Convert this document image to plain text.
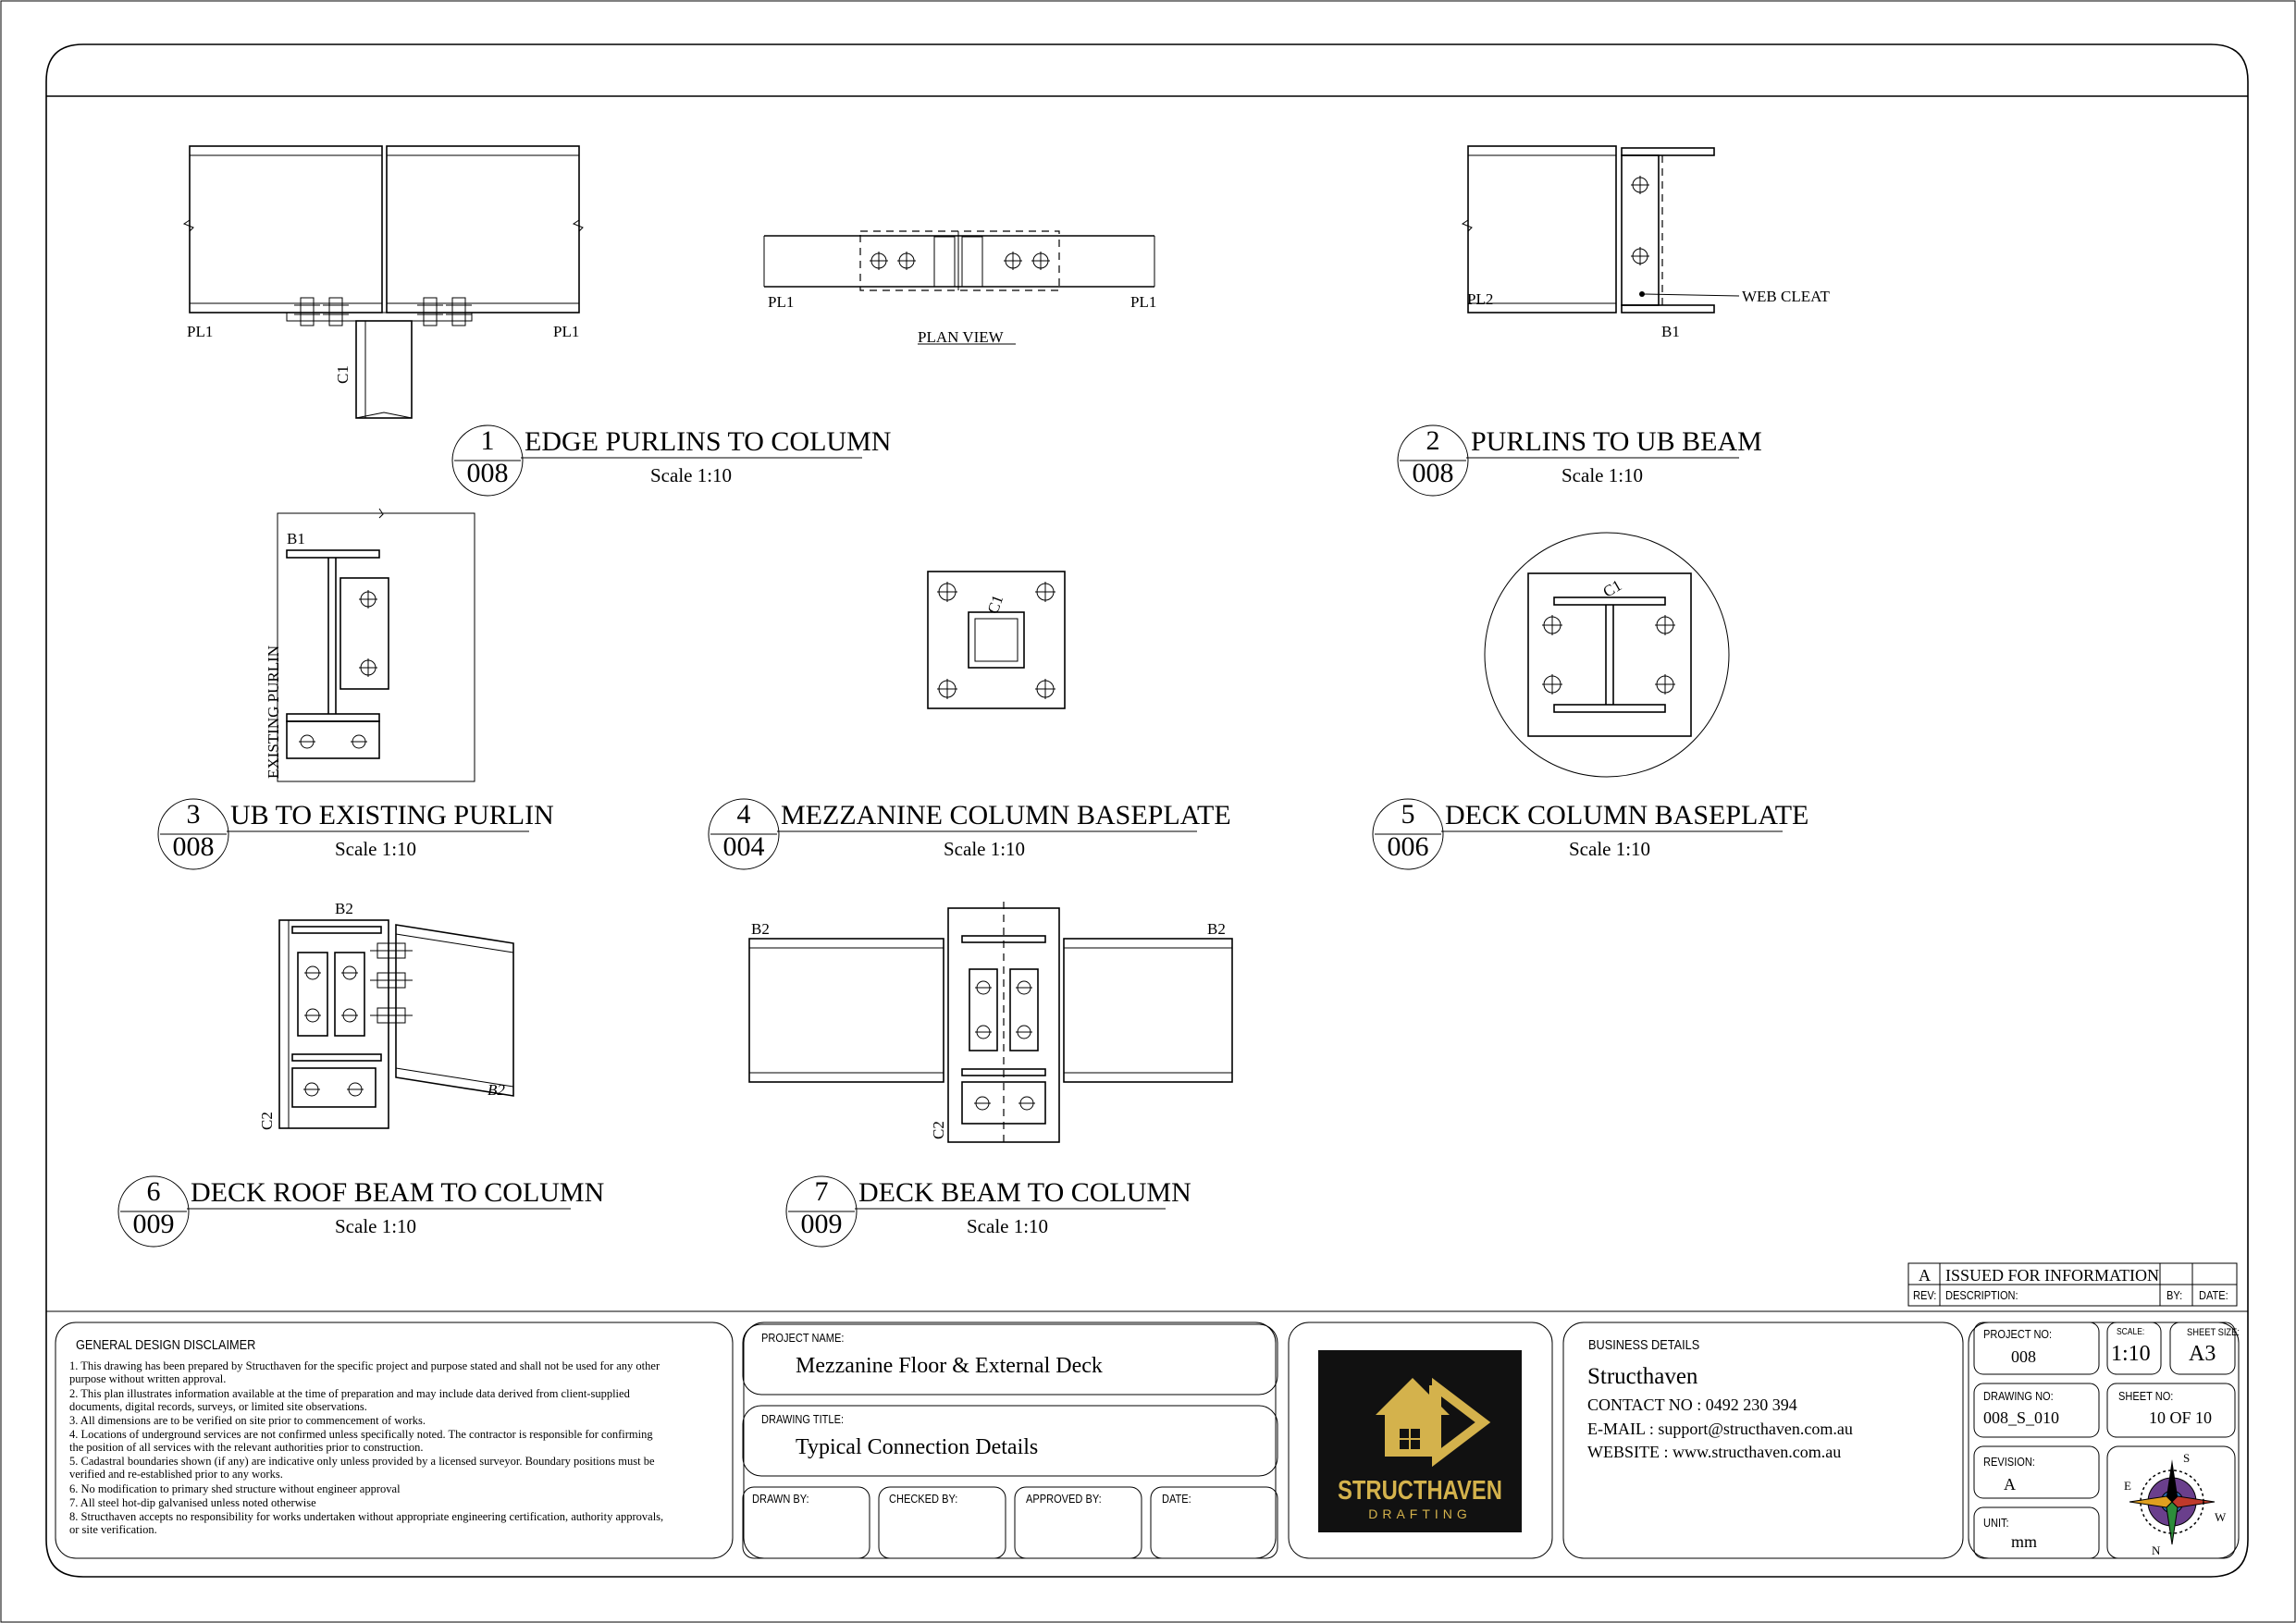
PL1	PL1
C1
PL1	PL1
PLAN VIEW
PL2	WEB CLEAT
B1
B1
EXISTING PURLIN
C1
C1
B2
B2
C2
B2	B2
C2
1
008
EDGE PURLINS TO COLUMN
Scale 1:10
2
008
PURLINS TO UB BEAM
Scale 1:10
3
008
UB TO EXISTING PURLIN
Scale 1:10
4
004
MEZZANINE COLUMN BASEPLATE
Scale 1:10
5
006
DECK COLUMN BASEPLATE
Scale 1:10
6
009
DECK ROOF BEAM TO COLUMN
Scale 1:10
7
009
DECK BEAM TO COLUMN
Scale 1:10
A ISSUED FOR INFORMATION
REV: DESCRIPTION:	BY: DATE:
GENERAL DESIGN DISCLAIMER
1. This drawing has been prepared by Structhaven for the specific project and purpose stated and shall not be used for any other
purpose without written approval.
2. This plan illustrates information available at the time of preparation and may include data derived from client-supplied
documents, digital records, surveys, or limited site observations.
3. All dimensions are to be verified on site prior to commencement of works.
4. Locations of underground services are not confirmed unless specifically noted. The contractor is responsible for confirming
the position of all services with the relevant authorities prior to construction.
5. Cadastral boundaries shown (if any) are indicative only unless provided by a licensed surveyor. Boundary positions must be
verified and re-established prior to any works.
6. No modification to primary shed structure without engineer approval
7. All steel hot-dip galvanised unless noted otherwise
8. Structhaven accepts no responsibility for works undertaken without appropriate engineering certification, authority approvals,
or site verification.
PROJECT NAME:
Mezzanine Floor & External Deck
DRAWING TITLE:
Typical Connection Details
DRAWN BY:	CHECKED BY:	APPROVED BY:	DATE:	STRUCTHAVEN
DRAFTING
BUSINESS DETAILS
Structhaven
CONTACT NO : 0492 230 394
E-MAIL : support@structhaven.com.au
WEBSITE : www.structhaven.com.au
PROJECT NO:
008
SCALE:
1:10
SHEET SIZE:
A3
DRAWING NO:
008_S_010
SHEET NO:
10 OF 10
REVISION:
A
UNIT:
mm
S
N
W
E
